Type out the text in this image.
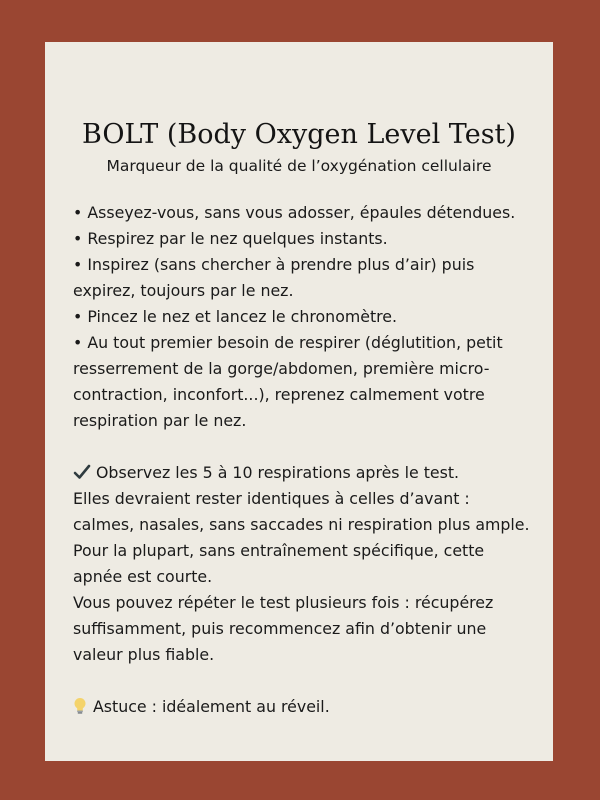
BOLT (Body Oxygen Level Test)

Marqueur de la qualité de l’oxygénation cellulaire

• Asseyez-vous, sans vous adosser, épaules détendues.

• Respirez par le nez quelques instants.

• Inspirez (sans chercher à prendre plus d’air) puis expirez, toujours par le nez.

• Pincez le nez et lancez le chronomètre.

• Au tout premier besoin de respirer (déglutition, petit resserrement de la gorge/abdomen, première micro-contraction, inconfort...), reprenez calmement votre respiration par le nez.

Observez les 5 à 10 respirations après le test.

Elles devraient rester identiques à celles d’avant : calmes, nasales, sans saccades ni respiration plus ample.

Pour la plupart, sans entraînement spécifique, cette apnée est courte.

Vous pouvez répéter le test plusieurs fois : récupérez suffisamment, puis recommencez afin d’obtenir une valeur plus fiable.

Astuce : idéalement au réveil.
